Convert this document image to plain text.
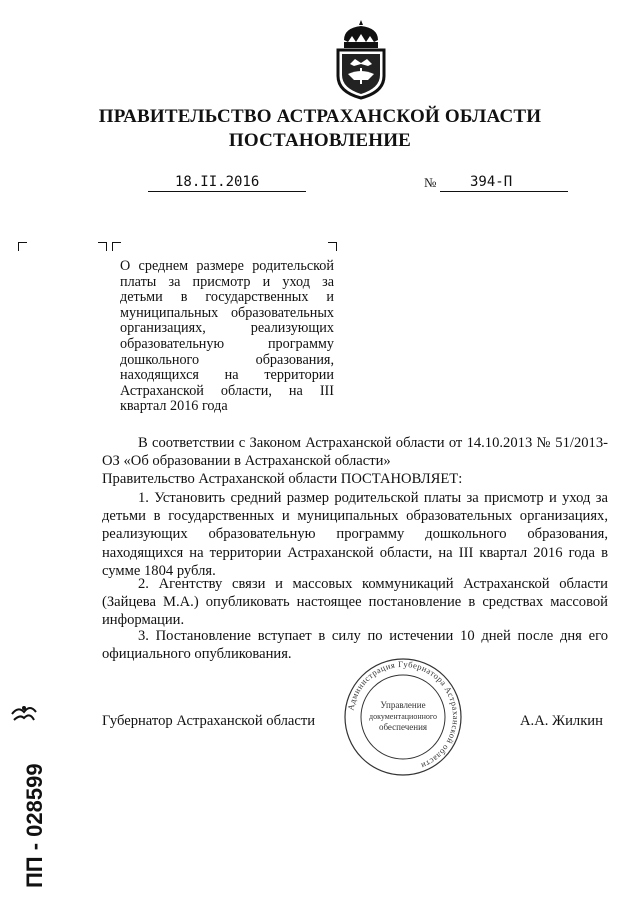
ПРАВИТЕЛЬСТВО АСТРАХАНСКОЙ ОБЛАСТИ
ПОСТАНОВЛЕНИЕ
18.II.2016	№ 394-П
О среднем размере родительской платы за присмотр и уход за детьми в государственных и муниципальных образовательных организациях, реализующих образовательную программу дошкольного образования, находящихся на территории Астраханской области, на III квартал 2016 года
В соответствии с Законом Астраханской области от 14.10.2013 № 51/2013-ОЗ «Об образовании в Астраханской области»
Правительство Астраханской области ПОСТАНОВЛЯЕТ:
1. Установить средний размер родительской платы за присмотр и уход за детьми в государственных и муниципальных образовательных организациях, реализующих образовательную программу дошкольного образования, находящихся на территории Астраханской области, на III квартал 2016 года в сумме 1804 рубля.
2. Агентству связи и массовых коммуникаций Астраханской области (Зайцева М.А.) опубликовать настоящее постановление в средствах массовой информации.
3. Постановление вступает в силу по истечении 10 дней после дня его официального опубликования.
Губернатор Астраханской области	А.А. Жилкин
Администрация Губернатора Астраханской области
Управление
документационного
обеспечения
ПП - 028599
